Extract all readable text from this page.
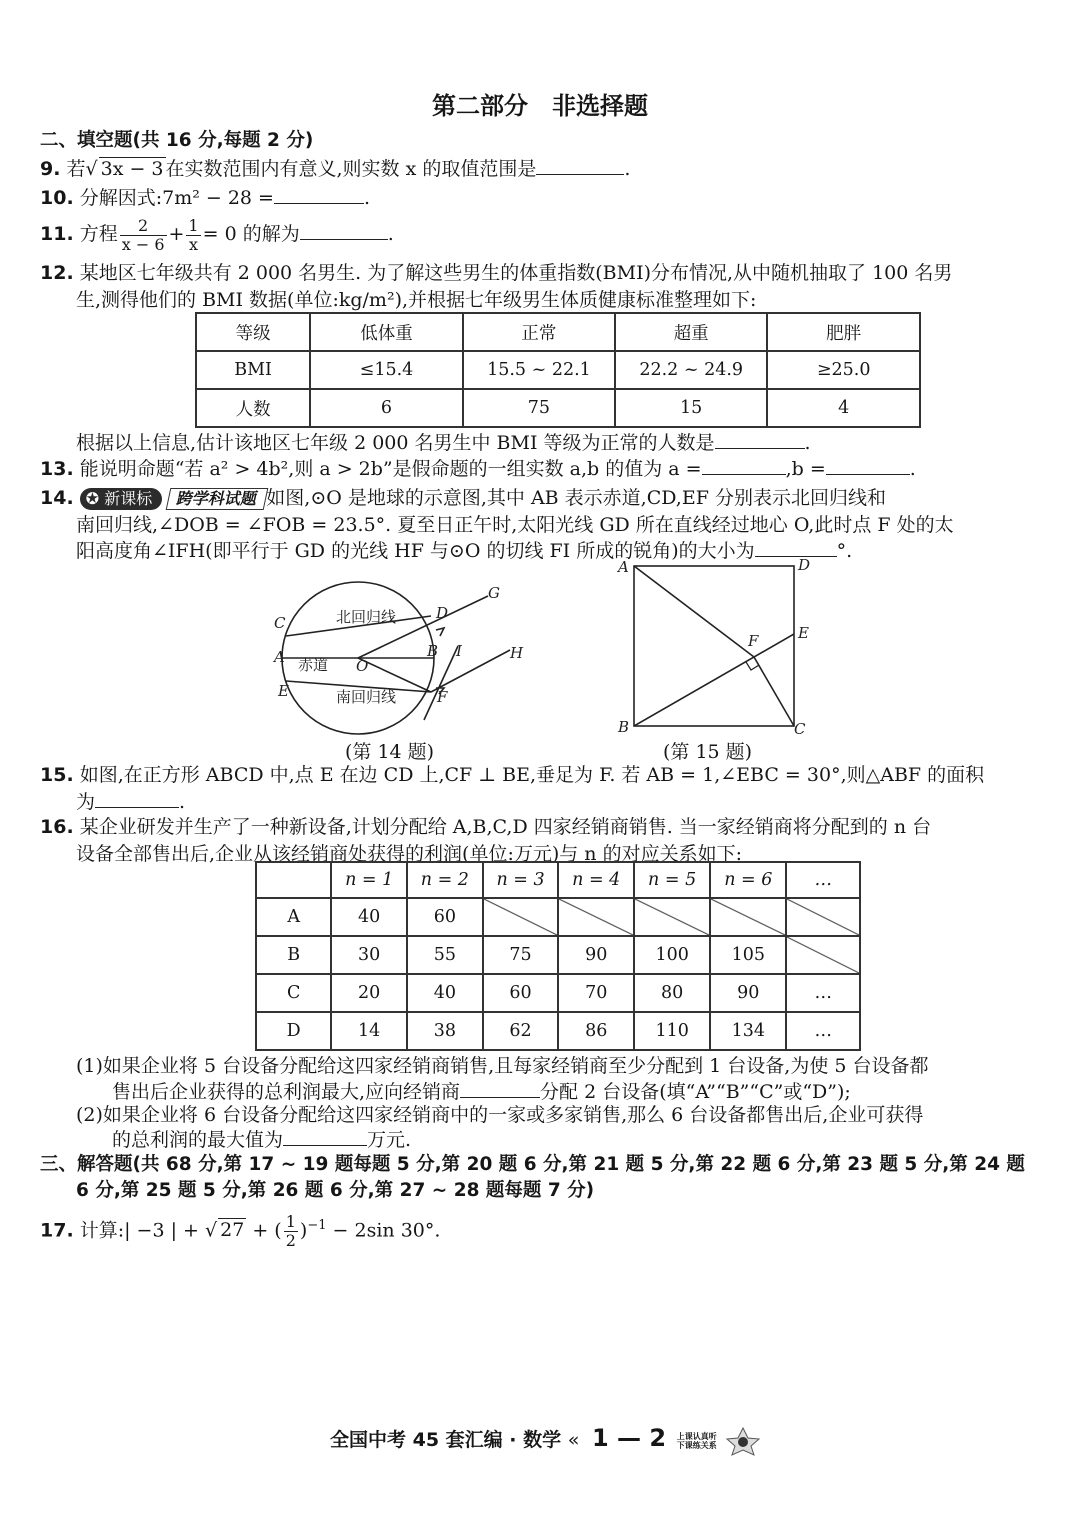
第二部分　非选择题
二、填空题(共 16 分,每题 2 分)
9. 若√ 3x − 3 在实数范围内有意义,则实数 x 的取值范围是	.
10. 分解因式:7m² − 28 =	.
11. 方程 $\frac{2}{x - 6} + \frac{1}{x} = 0$ 的解为	.
12. 某地区七年级共有 2 000 名男生. 为了解这些男生的体重指数(BMI)分布情况,从中随机抽取了 100 名男
生,测得他们的 BMI 数据(单位:kg/m²),并根据七年级男生体质健康标准整理如下:
等级	低体重	正常	超重	肥胖
BMI	≤15.4	15.5 ~ 22.1	22.2 ~ 24.9	≥25.0
人数	6	75	15	4
根据以上信息,估计该地区七年级 2 000 名男生中 BMI 等级为正常的人数是	.
13. 能说明命题“若 a² > 4b²,则 a > 2b”是假命题的一组实数 a,b 的值为 a =	,b =	.
14. ✪ 新课标 跨学科试题 如图,⊙O 是地球的示意图,其中 AB 表示赤道,CD,EF 分别表示北回归线和
南回归线,∠DOB = ∠FOB = 23.5°. 夏至日正午时,太阳光线 GD 所在直线经过地心 O,此时点 F 处的太
阳高度角∠IFH(即平行于 GD 的光线 HF 与⊙O 的切线 FI 所成的锐角)的大小为	°.
北回归线
赤道
南回归线
C
D
A	O
B
E	F
G
I	H
(第 14 题)
A	D
F	E
B	C
(第 15 题)
15. 如图,在正方形 ABCD 中,点 E 在边 CD 上,CF ⊥ BE,垂足为 F. 若 AB = 1,∠EBC = 30°,则△ABF 的面积
为	.
16. 某企业研发并生产了一种新设备,计划分配给 A,B,C,D 四家经销商销售. 当一家经销商将分配到的 n 台
设备全部售出后,企业从该经销商处获得的利润(单位:万元)与 n 的对应关系如下:
	n = 1	n = 2	n = 3	n = 4	n = 5	n = 6	…
A	40	60					
B	30	55	75	90	100	105	
C	20	40	60	70	80	90	…
D	14	38	62	86	110	134	…
(1)如果企业将 5 台设备分配给这四家经销商销售,且每家经销商至少分配到 1 台设备,为使 5 台设备都
售出后企业获得的总利润最大,应向经销商	分配 2 台设备(填“A”“B”“C”或“D”);
(2)如果企业将 6 台设备分配给这四家经销商中的一家或多家销售,那么 6 台设备都售出后,企业可获得
的总利润的最大值为	万元.
三、解答题(共 68 分,第 17 ~ 19 题每题 5 分,第 20 题 6 分,第 21 题 5 分,第 22 题 6 分,第 23 题 5 分,第 24 题
6 分,第 25 题 5 分,第 26 题 6 分,第 27 ~ 28 题每题 7 分)
17. 计算:| −3 | + √ 27 + ( $\frac{1}{2} )^{-1} - 2\sin$ 30°.
全国中考 45 套汇编 · 数学 « 1 — 2 上课认真听
下课练关系
